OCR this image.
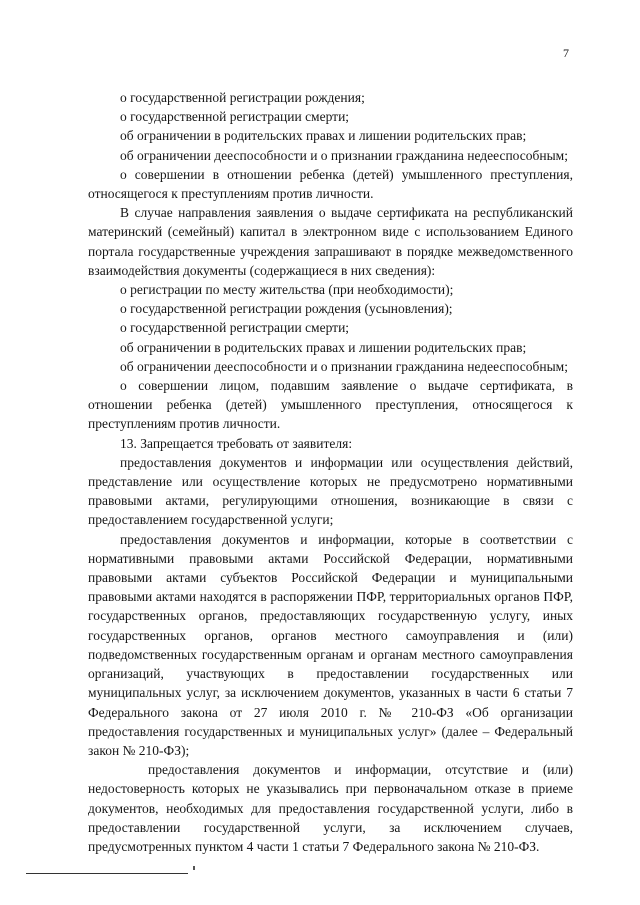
7

о государственной регистрации рождения;

о государственной регистрации смерти;

об ограничении в родительских правах и лишении родительских прав;

об ограничении дееспособности и о признании гражданина недееспособным;

о совершении в отношении ребенка (детей) умышленного преступления, относящегося к преступлениям против личности.

В случае направления заявления о выдаче сертификата на республиканский материнский (семейный) капитал в электронном виде с использованием Единого портала государственные учреждения запрашивают в порядке межведомственного взаимодействия документы (содержащиеся в них сведения):

о регистрации по месту жительства (при необходимости);

о государственной регистрации рождения (усыновления);

о государственной регистрации смерти;

об ограничении в родительских правах и лишении родительских прав;

об ограничении дееспособности и о признании гражданина недееспособным;

о совершении лицом, подавшим заявление о выдаче сертификата, в отношении ребенка (детей) умышленного преступления, относящегося к преступлениям против личности.

13. Запрещается требовать от заявителя:

предоставления документов и информации или осуществления действий, представление или осуществление которых не предусмотрено нормативными правовыми актами, регулирующими отношения, возникающие в связи с предоставлением государственной услуги;

предоставления документов и информации, которые в соответствии с нормативными правовыми актами Российской Федерации, нормативными правовыми актами субъектов Российской Федерации и муниципальными правовыми актами находятся в распоряжении ПФР, территориальных органов ПФР, государственных органов, предоставляющих государственную услугу, иных государственных органов, органов местного самоуправления и (или) подведомственных государственным органам и органам местного самоуправления организаций, участвующих в предоставлении государственных или муниципальных услуг, за исключением документов, указанных в части 6 статьи 7 Федерального закона от 27 июля 2010 г. № 210-ФЗ «Об организации предоставления государственных и муниципальных услуг» (далее – Федеральный закон № 210-ФЗ);

предоставления документов и информации, отсутствие и (или) недостоверность которых не указывались при первоначальном отказе в приеме документов, необходимых для предоставления государственной услуги, либо в предоставлении государственной услуги, за исключением случаев, предусмотренных пунктом 4 части 1 статьи 7 Федерального закона № 210-ФЗ.
